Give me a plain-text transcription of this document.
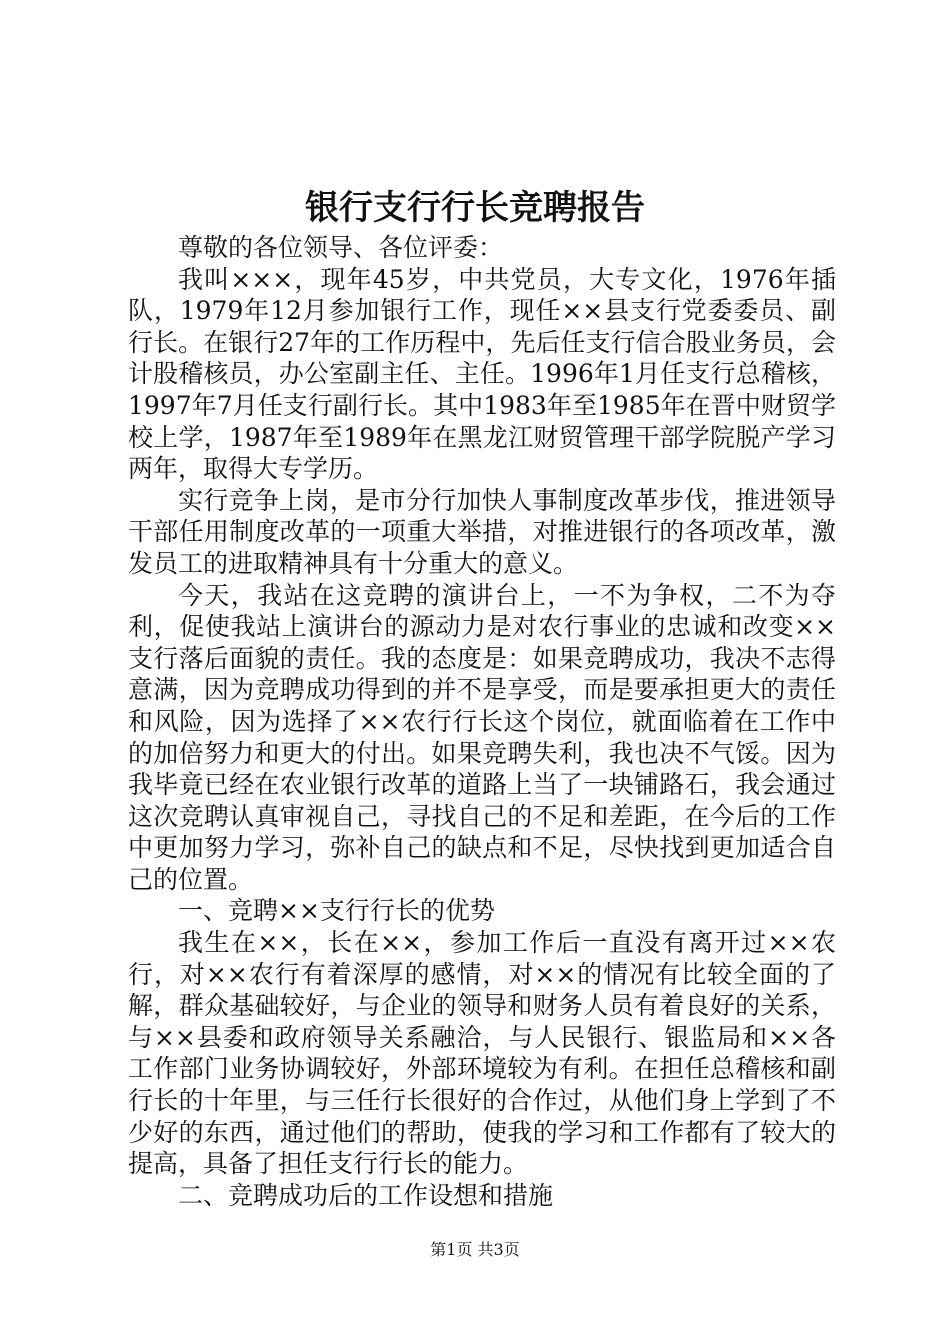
银行支行行长竞聘报告

尊敬的各位领导、各位评委：

我叫×××，现年45岁，中共党员，大专文化，1976年插队，1979年12月参加银行工作，现任××县支行党委委员、副行长。在银行27年的工作历程中，先后任支行信合股业务员，会计股稽核员，办公室副主任、主任。1996年1月任支行总稽核，1997年7月任支行副行长。其中1983年至1985年在晋中财贸学校上学，1987年至1989年在黑龙江财贸管理干部学院脱产学习两年，取得大专学历。

实行竞争上岗，是市分行加快人事制度改革步伐，推进领导干部任用制度改革的一项重大举措，对推进银行的各项改革，激发员工的进取精神具有十分重大的意义。

今天，我站在这竞聘的演讲台上，一不为争权，二不为夺利，促使我站上演讲台的源动力是对农行事业的忠诚和改变××支行落后面貌的责任。我的态度是：如果竞聘成功，我决不志得意满，因为竞聘成功得到的并不是享受，而是要承担更大的责任和风险，因为选择了××农行行长这个岗位，就面临着在工作中的加倍努力和更大的付出。如果竞聘失利，我也决不气馁。因为我毕竟已经在农业银行改革的道路上当了一块铺路石，我会通过这次竞聘认真审视自己，寻找自己的不足和差距，在今后的工作中更加努力学习，弥补自己的缺点和不足，尽快找到更加适合自己的位置。

一、竞聘××支行行长的优势

我生在××，长在××，参加工作后一直没有离开过××农行，对××农行有着深厚的感情，对××的情况有比较全面的了解，群众基础较好，与企业的领导和财务人员有着良好的关系，与××县委和政府领导关系融洽，与人民银行、银监局和××各工作部门业务协调较好，外部环境较为有利。在担任总稽核和副行长的十年里，与三任行长很好的合作过，从他们身上学到了不少好的东西，通过他们的帮助，使我的学习和工作都有了较大的提高，具备了担任支行行长的能力。

二、竞聘成功后的工作设想和措施

第1页 共3页
